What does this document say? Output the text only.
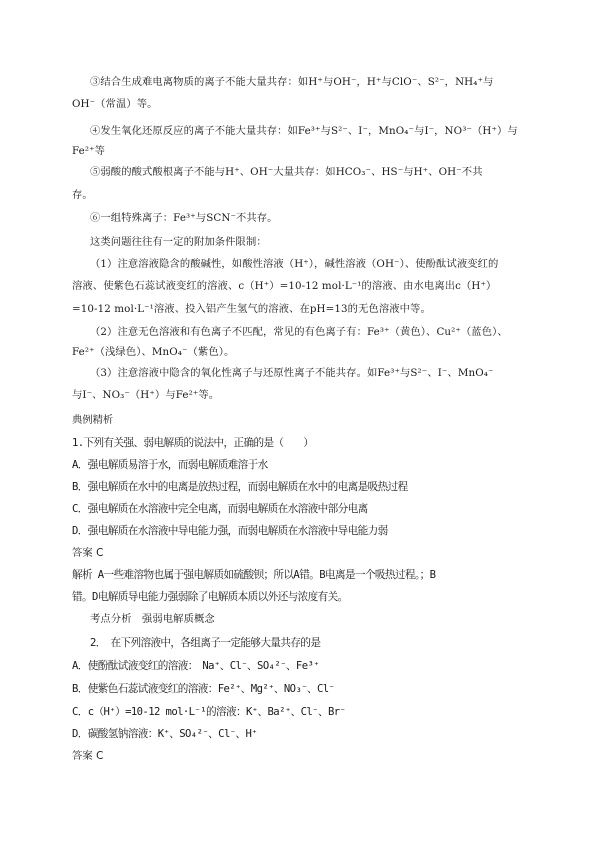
③结合生成难电离物质的离子不能大量共存：如H⁺与OH⁻，H⁺与ClO⁻、S²⁻，NH₄⁺与
OH⁻（常温）等。
④发生氧化还原反应的离子不能大量共存：如Fe³⁺与S²⁻、I⁻，MnO₄⁻与I⁻，NO³⁻（H⁺）与
Fe²⁺等
⑤弱酸的酸式酸根离子不能与H⁺、OH⁻大量共存：如HCO₃⁻、HS⁻与H⁺、OH⁻不共
存。
⑥一组特殊离子：Fe³⁺与SCN⁻不共存。
这类问题往往有一定的附加条件限制：
（1）注意溶液隐含的酸碱性，如酸性溶液（H⁺），碱性溶液（OH⁻）、使酚酞试液变红的
溶液、使紫色石蕊试液变红的溶液、c（H⁺）=10-12 mol·L⁻¹的溶液、由水电离出c（H⁺）
=10-12 mol·L⁻¹溶液、投入铝产生氢气的溶液、在pH=13的无色溶液中等。
（2）注意无色溶液和有色离子不匹配，常见的有色离子有：Fe³⁺（黄色）、Cu²⁺（蓝色）、
Fe²⁺（浅绿色）、MnO₄⁻（紫色）。
（3）注意溶液中隐含的氧化性离子与还原性离子不能共存。如Fe³⁺与S²⁻、I⁻、MnO₄⁻
与I⁻、NO₃⁻（H⁺）与Fe²⁺等。
典例精析
1.下列有关强、弱电解质的说法中，正确的是（　　）
A．强电解质易溶于水，而弱电解质难溶于水
B．强电解质在水中的电离是放热过程，而弱电解质在水中的电离是吸热过程
C．强电解质在水溶液中完全电离，而弱电解质在水溶液中部分电离
D．强电解质在水溶液中导电能力强，而弱电解质在水溶液中导电能力弱
答案 C
解析 A一些难溶物也属于强电解质如硫酸钡；所以A错。B电离是一个吸热过程。；B
错。D电解质导电能力强弱除了电解质本质以外还与浓度有关。
考点分析　强弱电解质概念
2．　在下列溶液中，各组离子一定能够大量共存的是
A．使酚酞试液变红的溶液：　Na⁺、Cl⁻、SO₄²⁻、Fe³⁺
B．使紫色石蕊试液变红的溶液：Fe²⁺、Mg²⁺、NO₃⁻、Cl⁻
C．c（H⁺）=10-12 mol·L⁻¹的溶液：K⁺、Ba²⁺、Cl⁻、Br⁻
D．碳酸氢钠溶液：K⁺、SO₄²⁻、Cl⁻、H⁺
答案 C
